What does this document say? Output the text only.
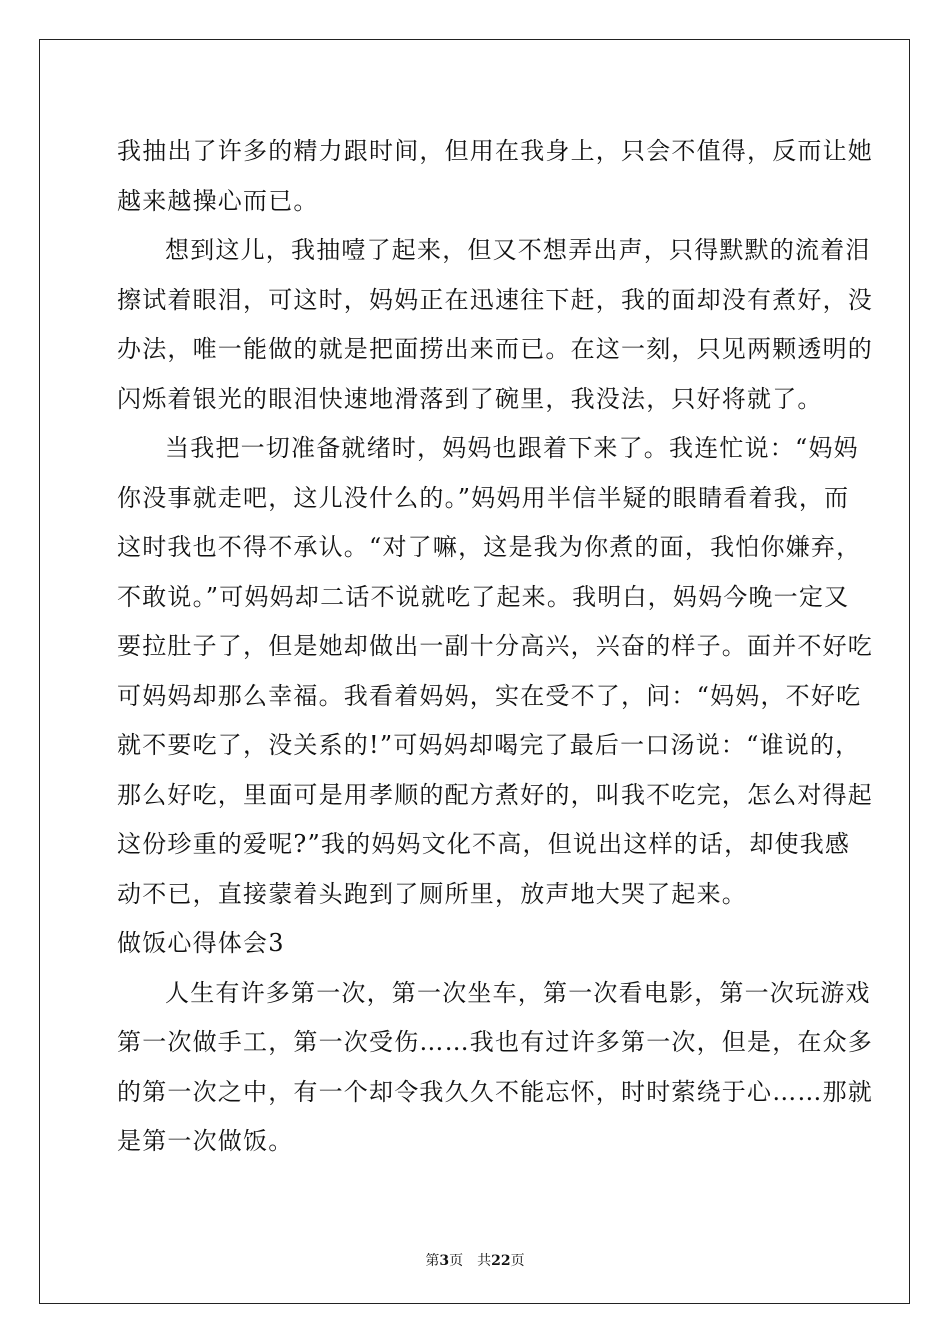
我抽出了许多的精力跟时间，但用在我身上，只会不值得，反而让她
越来越操心而已。
想到这儿，我抽噎了起来，但又不想弄出声，只得默默的流着泪
擦试着眼泪，可这时，妈妈正在迅速往下赶，我的面却没有煮好，没
办法，唯一能做的就是把面捞出来而已。在这一刻，只见两颗透明的
闪烁着银光的眼泪快速地滑落到了碗里，我没法，只好将就了。
当我把一切准备就绪时，妈妈也跟着下来了。我连忙说：“妈妈
你没事就走吧，这儿没什么的。”妈妈用半信半疑的眼睛看着我，而
这时我也不得不承认。“对了嘛，这是我为你煮的面，我怕你嫌弃，
不敢说。”可妈妈却二话不说就吃了起来。我明白，妈妈今晚一定又
要拉肚子了，但是她却做出一副十分高兴，兴奋的样子。面并不好吃
可妈妈却那么幸福。我看着妈妈，实在受不了，问：“妈妈，不好吃
就不要吃了，没关系的!”可妈妈却喝完了最后一口汤说：“谁说的，
那么好吃，里面可是用孝顺的配方煮好的，叫我不吃完，怎么对得起
这份珍重的爱呢?”我的妈妈文化不高，但说出这样的话，却使我感
动不已，直接蒙着头跑到了厕所里，放声地大哭了起来。
做饭心得体会3
人生有许多第一次，第一次坐车，第一次看电影，第一次玩游戏
第一次做手工，第一次受伤……我也有过许多第一次，但是，在众多
的第一次之中，有一个却令我久久不能忘怀，时时萦绕于心……那就
是第一次做饭。
第3页　共22页
